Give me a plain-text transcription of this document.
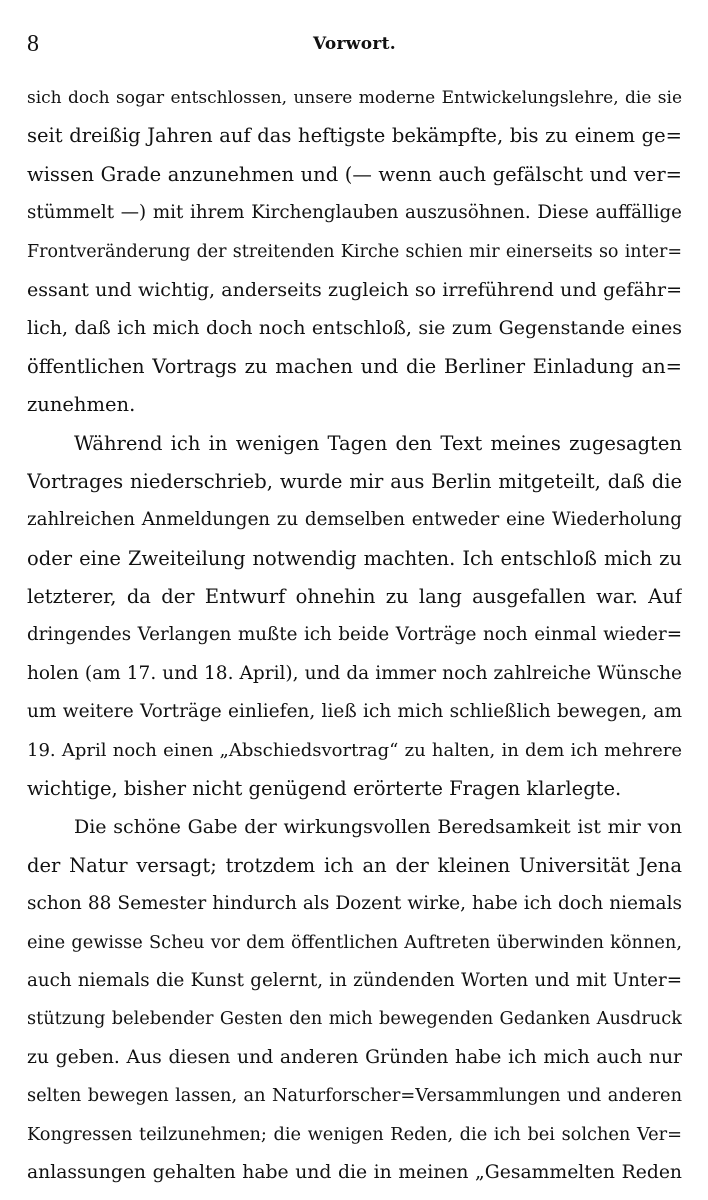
8	Vorwort.
sich doch sogar entschlossen, unsere moderne Entwickelungslehre, die sie
seit dreißig Jahren auf das heftigste bekämpfte, bis zu einem ge=
wissen Grade anzunehmen und (— wenn auch gefälscht und ver=
stümmelt —) mit ihrem Kirchenglauben auszusöhnen. Diese auffällige
Frontveränderung der streitenden Kirche schien mir einerseits so inter=
essant und wichtig, anderseits zugleich so irreführend und gefähr=
lich, daß ich mich doch noch entschloß, sie zum Gegenstande eines
öffentlichen Vortrags zu machen und die Berliner Einladung an=
zunehmen.
Während ich in wenigen Tagen den Text meines zugesagten
Vortrages niederschrieb, wurde mir aus Berlin mitgeteilt, daß die
zahlreichen Anmeldungen zu demselben entweder eine Wiederholung
oder eine Zweiteilung notwendig machten. Ich entschloß mich zu
letzterer, da der Entwurf ohnehin zu lang ausgefallen war. Auf
dringendes Verlangen mußte ich beide Vorträge noch einmal wieder=
holen (am 17. und 18. April), und da immer noch zahlreiche Wünsche
um weitere Vorträge einliefen, ließ ich mich schließlich bewegen, am
19. April noch einen „Abschiedsvortrag“ zu halten, in dem ich mehrere
wichtige, bisher nicht genügend erörterte Fragen klarlegte.
Die schöne Gabe der wirkungsvollen Beredsamkeit ist mir von
der Natur versagt; trotzdem ich an der kleinen Universität Jena
schon 88 Semester hindurch als Dozent wirke, habe ich doch niemals
eine gewisse Scheu vor dem öffentlichen Auftreten überwinden können,
auch niemals die Kunst gelernt, in zündenden Worten und mit Unter=
stützung belebender Gesten den mich bewegenden Gedanken Ausdruck
zu geben. Aus diesen und anderen Gründen habe ich mich auch nur
selten bewegen lassen, an Naturforscher=Versammlungen und anderen
Kongressen teilzunehmen; die wenigen Reden, die ich bei solchen Ver=
anlassungen gehalten habe und die in meinen „Gesammelten Reden
